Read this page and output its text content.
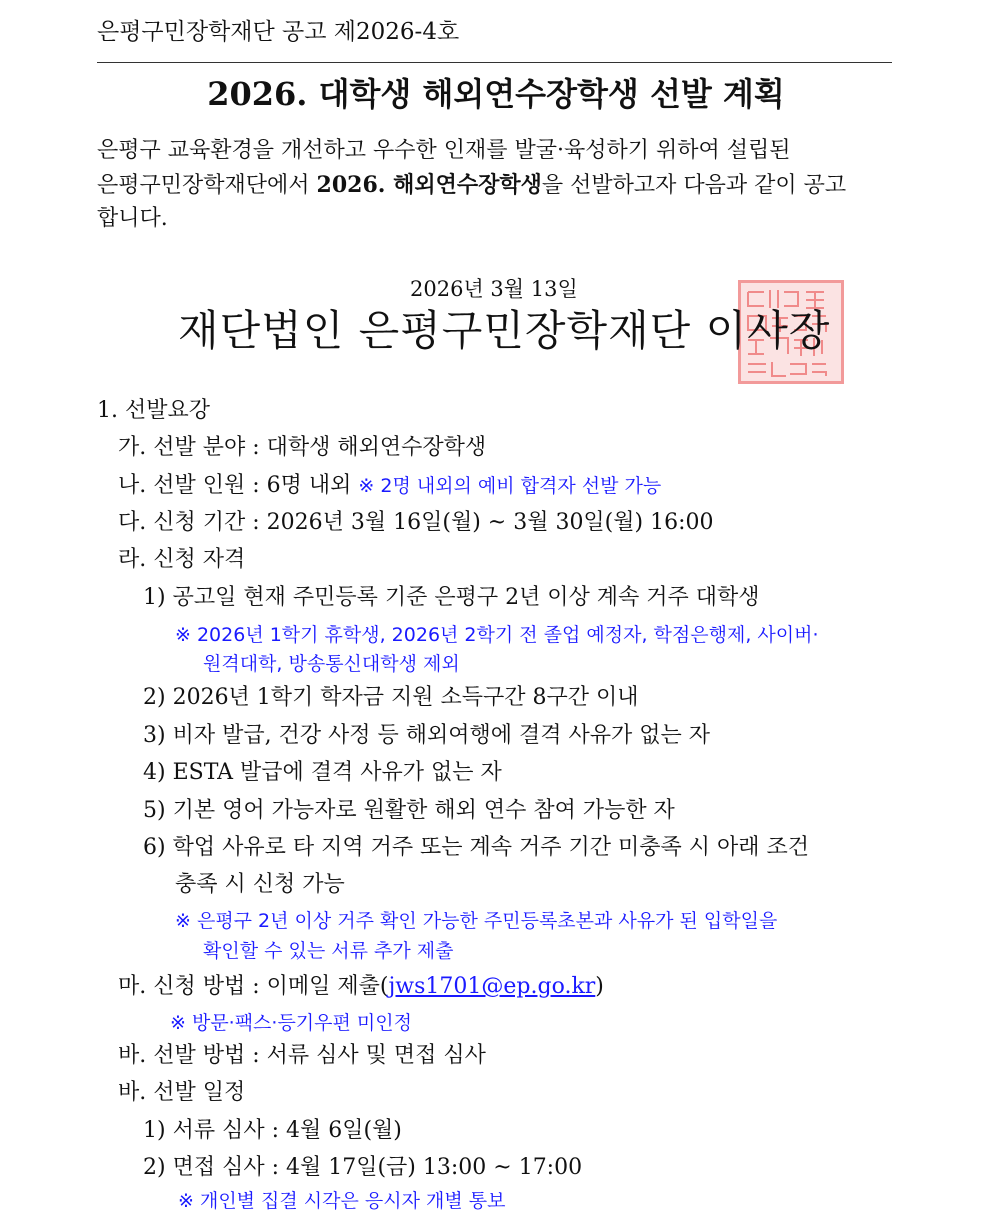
은평구민장학재단 공고 제2026-4호
2026. 대학생 해외연수장학생 선발 계획
은평구 교육환경을 개선하고 우수한 인재를 발굴·육성하기 위하여 설립된
은평구민장학재단에서 2026. 해외연수장학생을 선발하고자 다음과 같이 공고
합니다.
2026년 3월 13일
재단법인 은평구민장학재단 이사장
1. 선발요강
가. 선발 분야 : 대학생 해외연수장학생
나. 선발 인원 : 6명 내외 ※ 2명 내외의 예비 합격자 선발 가능
다. 신청 기간 : 2026년 3월 16일(월) ~ 3월 30일(월) 16:00
라. 신청 자격
1) 공고일 현재 주민등록 기준 은평구 2년 이상 계속 거주 대학생
※ 2026년 1학기 휴학생, 2026년 2학기 전 졸업 예정자, 학점은행제, 사이버·
원격대학, 방송통신대학생 제외
2) 2026년 1학기 학자금 지원 소득구간 8구간 이내
3) 비자 발급, 건강 사정 등 해외여행에 결격 사유가 없는 자
4) ESTA 발급에 결격 사유가 없는 자
5) 기본 영어 가능자로 원활한 해외 연수 참여 가능한 자
6) 학업 사유로 타 지역 거주 또는 계속 거주 기간 미충족 시 아래 조건
충족 시 신청 가능
※ 은평구 2년 이상 거주 확인 가능한 주민등록초본과 사유가 된 입학일을
확인할 수 있는 서류 추가 제출
마. 신청 방법 : 이메일 제출(jws1701@ep.go.kr)
※ 방문·팩스·등기우편 미인정
바. 선발 방법 : 서류 심사 및 면접 심사
바. 선발 일정
1) 서류 심사 : 4월 6일(월)
2) 면접 심사 : 4월 17일(금) 13:00 ~ 17:00
※ 개인별 집결 시각은 응시자 개별 통보
